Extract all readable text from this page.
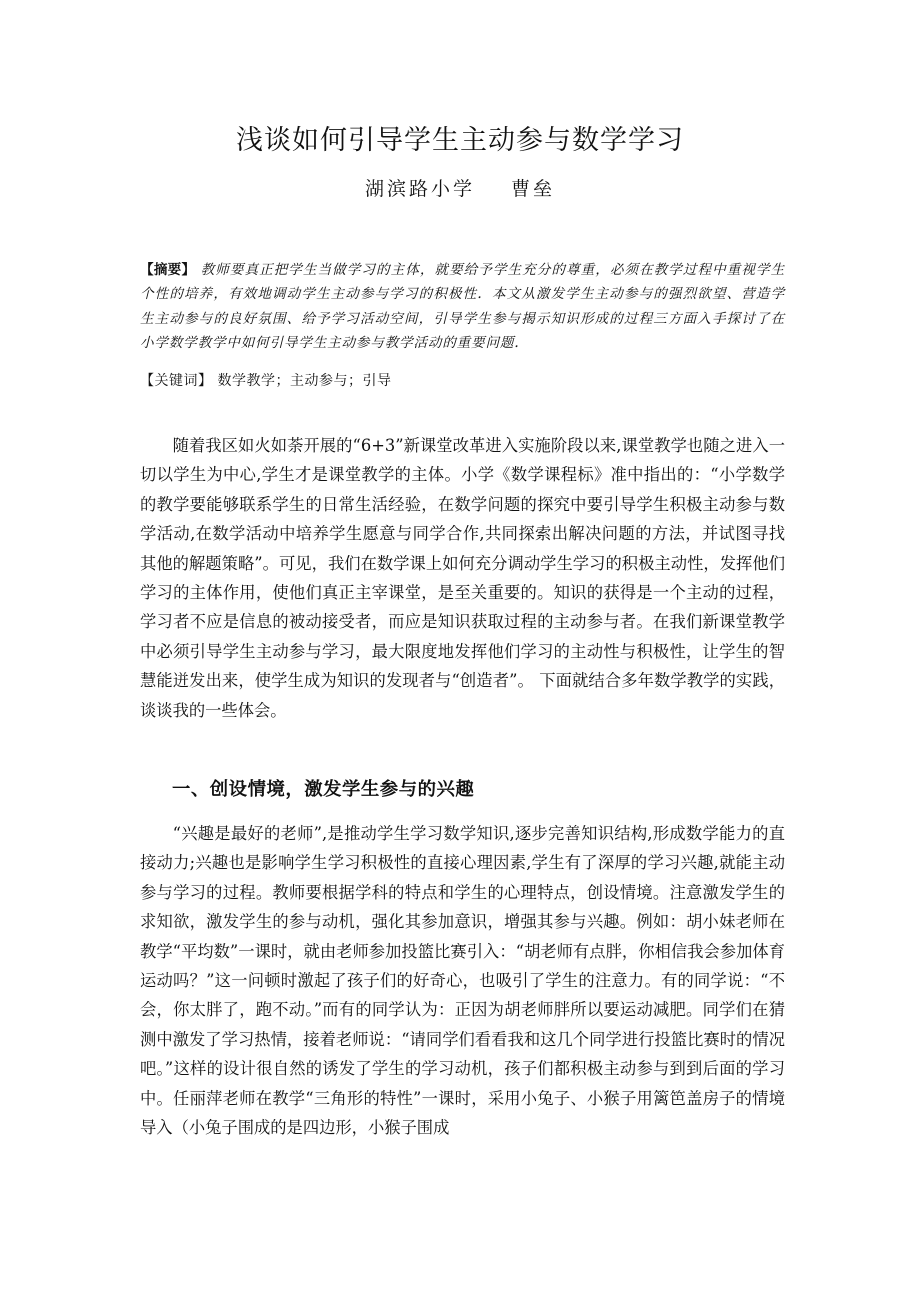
浅谈如何引导学生主动参与数学学习
湖滨路小学 曹垒
【摘要】 教师要真正把学生当做学习的主体，就要给予学生充分的尊重，必须在教学过程中重视学生个性的培养，有效地调动学生主动参与学习的积极性．本文从激发学生主动参与的强烈欲望、营造学生主动参与的良好氛围、给予学习活动空间，引导学生参与揭示知识形成的过程三方面入手探讨了在小学数学教学中如何引导学生主动参与教学活动的重要问题．
【关键词】 数学教学；主动参与；引导
随着我区如火如荼开展的“6+3”新课堂改革进入实施阶段以来,课堂教学也随之进入一切以学生为中心,学生才是课堂教学的主体。小学《数学课程标》准中指出的：“小学数学的教学要能够联系学生的日常生活经验，在数学问题的探究中要引导学生积极主动参与数学活动,在数学活动中培养学生愿意与同学合作,共同探索出解决问题的方法，并试图寻找其他的解题策略”。可见，我们在数学课上如何充分调动学生学习的积极主动性，发挥他们学习的主体作用，使他们真正主宰课堂，是至关重要的。知识的获得是一个主动的过程，学习者不应是信息的被动接受者，而应是知识获取过程的主动参与者。在我们新课堂教学中必须引导学生主动参与学习，最大限度地发挥他们学习的主动性与积极性，让学生的智慧能迸发出来，使学生成为知识的发现者与“创造者”。 下面就结合多年数学教学的实践，谈谈我的一些体会。
一、创设情境，激发学生参与的兴趣
“兴趣是最好的老师”,是推动学生学习数学知识,逐步完善知识结构,形成数学能力的直接动力;兴趣也是影响学生学习积极性的直接心理因素,学生有了深厚的学习兴趣,就能主动参与学习的过程。教师要根据学科的特点和学生的心理特点，创设情境。注意激发学生的求知欲，激发学生的参与动机，强化其参加意识，增强其参与兴趣。例如：胡小妹老师在教学“平均数”一课时，就由老师参加投篮比赛引入：“胡老师有点胖，你相信我会参加体育运动吗？”这一问顿时激起了孩子们的好奇心，也吸引了学生的注意力。有的同学说：“不会，你太胖了，跑不动。”而有的同学认为：正因为胡老师胖所以要运动减肥。同学们在猜测中激发了学习热情，接着老师说：“请同学们看看我和这几个同学进行投篮比赛时的情况吧。”这样的设计很自然的诱发了学生的学习动机，孩子们都积极主动参与到到后面的学习中。任丽萍老师在教学“三角形的特性”一课时，采用小兔子、小猴子用篱笆盖房子的情境导入（小兔子围成的是四边形，小猴子围成
